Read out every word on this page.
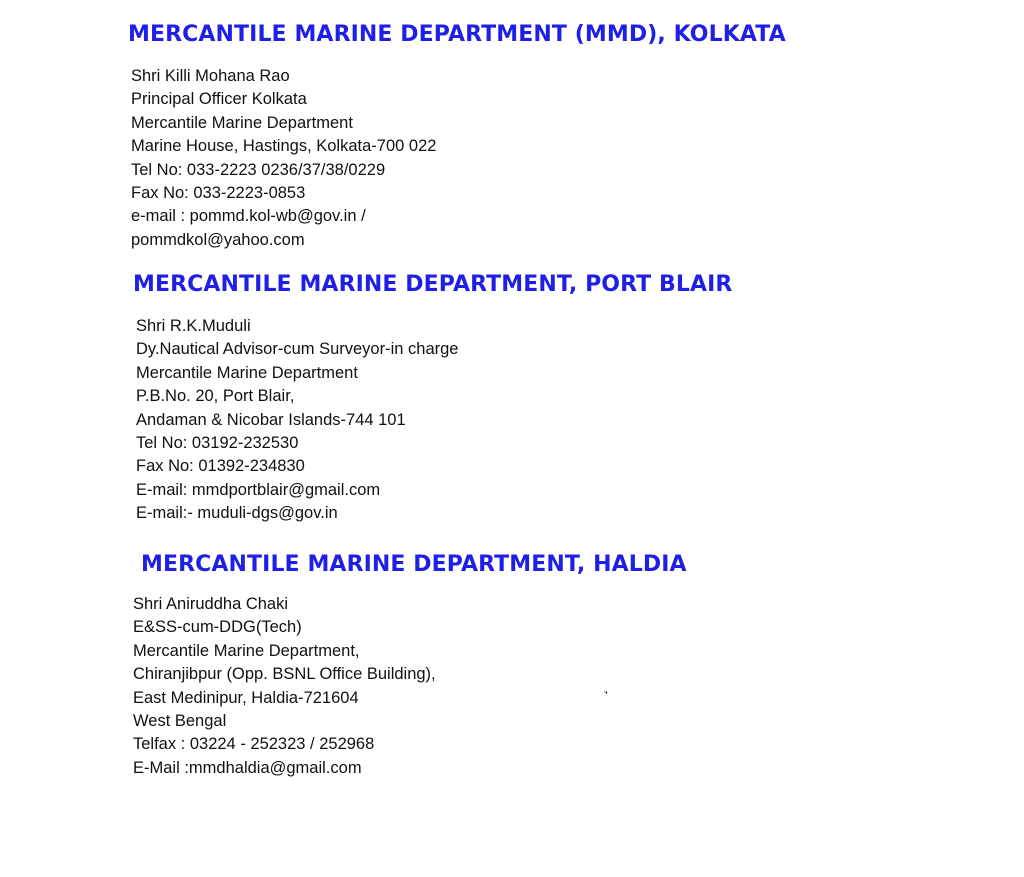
MERCANTILE MARINE DEPARTMENT (MMD), KOLKATA
Shri Killi Mohana Rao
Principal Officer Kolkata
Mercantile Marine Department
Marine House, Hastings, Kolkata-700 022
Tel No: 033-2223 0236/37/38/0229
Fax No: 033-2223-0853
e-mail : pommd.kol-wb@gov.in /
pommdkol@yahoo.com
MERCANTILE MARINE DEPARTMENT, PORT BLAIR
Shri R.K.Muduli
Dy.Nautical Advisor-cum Surveyor-in charge
Mercantile Marine Department
P.B.No. 20, Port Blair,
Andaman & Nicobar Islands-744 101
Tel No: 03192-232530
Fax No: 01392-234830
E-mail: mmdportblair@gmail.com
E-mail:- muduli-dgs@gov.in
MERCANTILE MARINE DEPARTMENT, HALDIA
Shri Aniruddha Chaki
E&SS-cum-DDG(Tech)
Mercantile Marine Department,
Chiranjibpur (Opp. BSNL Office Building),
East Medinipur, Haldia-721604
West Bengal
Telfax : 03224 - 252323 / 252968
E-Mail :mmdhaldia@gmail.com
’̆
